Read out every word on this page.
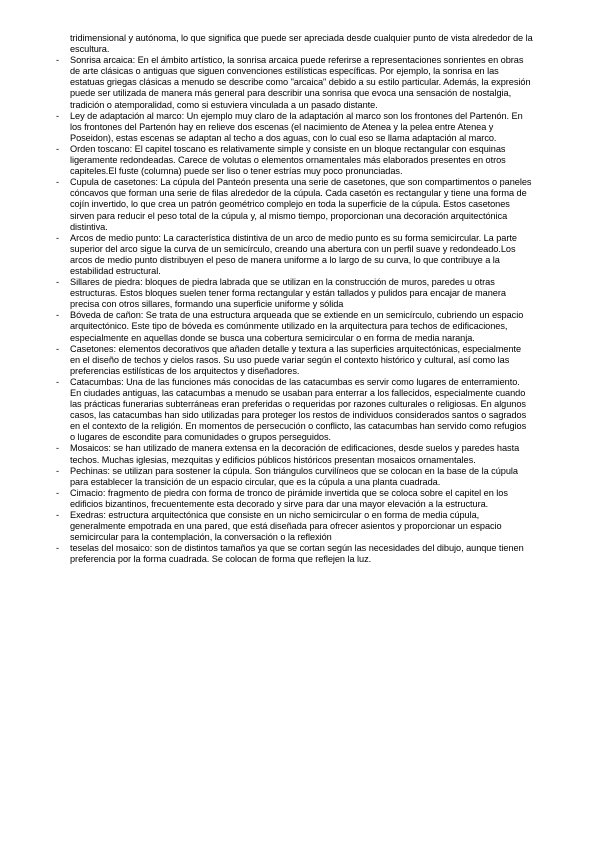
tridimensional y autónoma, lo que significa que puede ser apreciada desde cualquier punto de vista alrededor de la escultura.

- Sonrisa arcaica: En el ámbito artístico, la sonrisa arcaica puede referirse a representaciones sonrientes en obras de arte clásicas o antiguas que siguen convenciones estilísticas específicas. Por ejemplo, la sonrisa en las estatuas griegas clásicas a menudo se describe como "arcaica" debido a su estilo particular. Además, la expresión puede ser utilizada de manera más general para describir una sonrisa que evoca una sensación de nostalgia, tradición o atemporalidad, como si estuviera vinculada a un pasado distante.
- Ley de adaptación al marco: Un ejemplo muy claro de la adaptación al marco son los frontones del Partenón. En los frontones del Partenón hay en relieve dos escenas (el nacimiento de Atenea y la pelea entre Atenea y Poseidon), estas escenas se adaptan al techo a dos aguas, con lo cual eso se llama adaptación al marco.
- Orden toscano: El capitel toscano es relativamente simple y consiste en un bloque rectangular con esquinas ligeramente redondeadas. Carece de volutas o elementos ornamentales más elaborados presentes en otros capiteles.El fuste (columna) puede ser liso o tener estrías muy poco pronunciadas.
- Cupula de casetones: La cúpula del Panteón presenta una serie de casetones, que son compartimentos o paneles cóncavos que forman una serie de filas alrededor de la cúpula. Cada casetón es rectangular y tiene una forma de cojín invertido, lo que crea un patrón geométrico complejo en toda la superficie de la cúpula. Estos casetones sirven para reducir el peso total de la cúpula y, al mismo tiempo, proporcionan una decoración arquitectónica distintiva.
- Arcos de medio punto: La característica distintiva de un arco de medio punto es su forma semicircular. La parte superior del arco sigue la curva de un semicírculo, creando una abertura con un perfil suave y redondeado.Los arcos de medio punto distribuyen el peso de manera uniforme a lo largo de su curva, lo que contribuye a la estabilidad estructural.
- Sillares de piedra: bloques de piedra labrada que se utilizan en la construcción de muros, paredes u otras estructuras. Estos bloques suelen tener forma rectangular y están tallados y pulidos para encajar de manera precisa con otros sillares, formando una superficie uniforme y sólida
- Bóveda de cañon: Se trata de una estructura arqueada que se extiende en un semicírculo, cubriendo un espacio arquitectónico. Este tipo de bóveda es comúnmente utilizado en la arquitectura para techos de edificaciones, especialmente en aquellas donde se busca una cobertura semicircular o en forma de media naranja.
- Casetones: elementos decorativos que añaden detalle y textura a las superficies arquitectónicas, especialmente en el diseño de techos y cielos rasos. Su uso puede variar según el contexto histórico y cultural, así como las preferencias estilísticas de los arquitectos y diseñadores.
- Catacumbas: Una de las funciones más conocidas de las catacumbas es servir como lugares de enterramiento. En ciudades antiguas, las catacumbas a menudo se usaban para enterrar a los fallecidos, especialmente cuando las prácticas funerarias subterráneas eran preferidas o requeridas por razones culturales o religiosas. En algunos casos, las catacumbas han sido utilizadas para proteger los restos de individuos considerados santos o sagrados en el contexto de la religión. En momentos de persecución o conflicto, las catacumbas han servido como refugios o lugares de escondite para comunidades o grupos perseguidos.
- Mosaicos: se han utilizado de manera extensa en la decoración de edificaciones, desde suelos y paredes hasta techos. Muchas iglesias, mezquitas y edificios públicos históricos presentan mosaicos ornamentales.
- Pechinas: se utilizan para sostener la cúpula. Son triángulos curvilíneos que se colocan en la base de la cúpula para establecer la transición de un espacio circular, que es la cúpula a una planta cuadrada.
- Cimacio: fragmento de piedra con forma de tronco de pirámide invertida que se coloca sobre el capitel en los edificios bizantinos, frecuentemente esta decorado y sirve para dar una mayor elevación a la estructura.
- Exedras: estructura arquitectónica que consiste en un nicho semicircular o en forma de media cúpula, generalmente empotrada en una pared, que está diseñada para ofrecer asientos y proporcionar un espacio semicircular para la contemplación, la conversación o la reflexión
- teselas del mosaico: son de distintos tamaños ya que se cortan según las necesidades del dibujo, aunque tienen preferencia por la forma cuadrada. Se colocan de forma que reflejen la luz.
